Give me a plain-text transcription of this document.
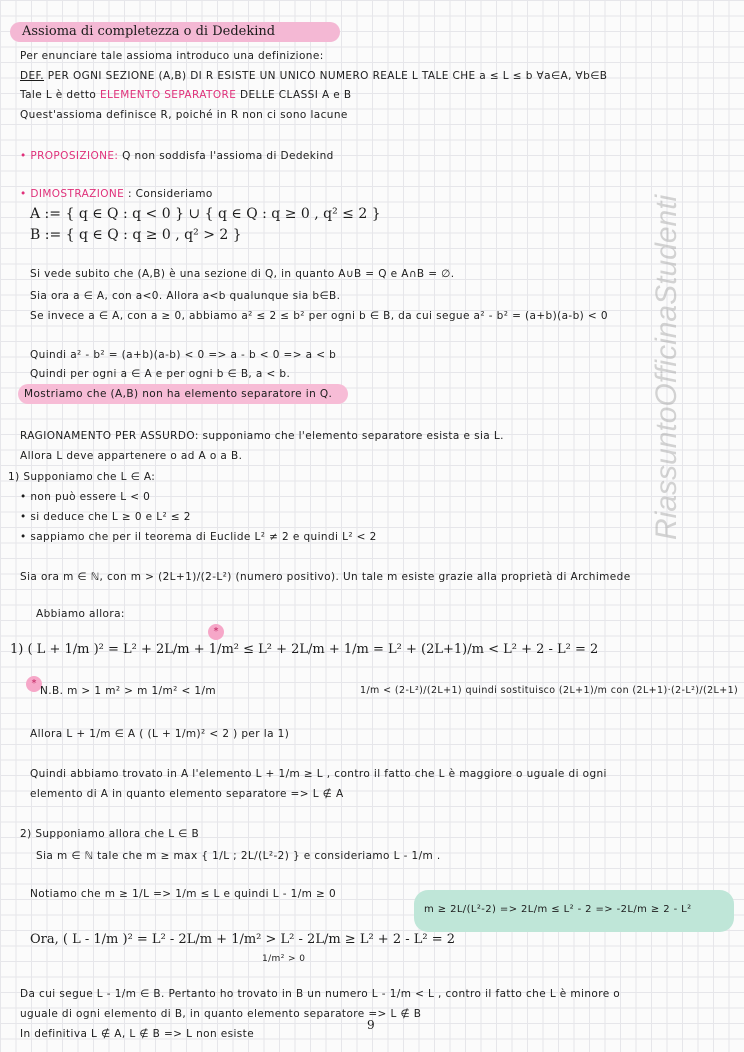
Assioma di completezza o di Dedekind
Per enunciare tale assioma introduco una definizione:
DEF. PER OGNI SEZIONE (A,B) DI R ESISTE UN UNICO NUMERO REALE L TALE CHE a ≤ L ≤ b ∀a∈A, ∀b∈B
Tale L è detto ELEMENTO SEPARATORE DELLE CLASSI A e B
Quest'assioma definisce R, poiché in R non ci sono lacune
• PROPOSIZIONE: Q non soddisfa l'assioma di Dedekind
• DIMOSTRAZIONE : Consideriamo
A := { q ∈ Q : q < 0 } ∪ { q ∈ Q : q ≥ 0 , q² ≤ 2 }
B := { q ∈ Q : q ≥ 0 , q² > 2 }
Si vede subito che (A,B) è una sezione di Q, in quanto A∪B = Q e A∩B = ∅.
Sia ora a ∈ A, con a<0. Allora a<b qualunque sia b∈B.
Se invece a ∈ A, con a ≥ 0, abbiamo a² ≤ 2 ≤ b² per ogni b ∈ B, da cui segue a² - b² = (a+b)(a-b) < 0
Quindi a² - b² = (a+b)(a-b) < 0 => a - b < 0 => a < b
Quindi per ogni a ∈ A e per ogni b ∈ B, a < b.
Mostriamo che (A,B) non ha elemento separatore in Q.
RAGIONAMENTO PER ASSURDO: supponiamo che l'elemento separatore esista e sia L.
Allora L deve appartenere o ad A o a B.
1) Supponiamo che L ∈ A:
• non può essere L < 0
• si deduce che L ≥ 0 e L² ≤ 2
• sappiamo che per il teorema di Euclide L² ≠ 2 e quindi L² < 2
Sia ora m ∈ ℕ, con m > (2L+1)/(2-L²) (numero positivo). Un tale m esiste grazie alla proprietà di Archimede
Abbiamo allora:
*
1) ( L + 1/m )² = L² + 2L/m + 1/m² ≤ L² + 2L/m + 1/m = L² + (2L+1)/m < L² + 2 - L² = 2
*
N.B. m > 1 m² > m 1/m² < 1/m	1/m < (2-L²)/(2L+1) quindi sostituisco (2L+1)/m con (2L+1)·(2-L²)/(2L+1)
Allora L + 1/m ∈ A ( (L + 1/m)² < 2 ) per la 1)
Quindi abbiamo trovato in A l'elemento L + 1/m ≥ L , contro il fatto che L è maggiore o uguale di ogni
elemento di A in quanto elemento separatore => L ∉ A
2) Supponiamo allora che L ∈ B
Sia m ∈ ℕ tale che m ≥ max { 1/L ; 2L/(L²-2) } e consideriamo L - 1/m .
Notiamo che m ≥ 1/L => 1/m ≤ L e quindi L - 1/m ≥ 0
m ≥ 2L/(L²-2) => 2L/m ≤ L² - 2 => -2L/m ≥ 2 - L²
Ora, ( L - 1/m )² = L² - 2L/m + 1/m² > L² - 2L/m ≥ L² + 2 - L² = 2
1/m² > 0
Da cui segue L - 1/m ∈ B. Pertanto ho trovato in B un numero L - 1/m < L , contro il fatto che L è minore o
uguale di ogni elemento di B, in quanto elemento separatore => L ∉ B
In definitiva L ∉ A, L ∉ B => L non esiste
RiassuntoOfficinaStudenti
9
